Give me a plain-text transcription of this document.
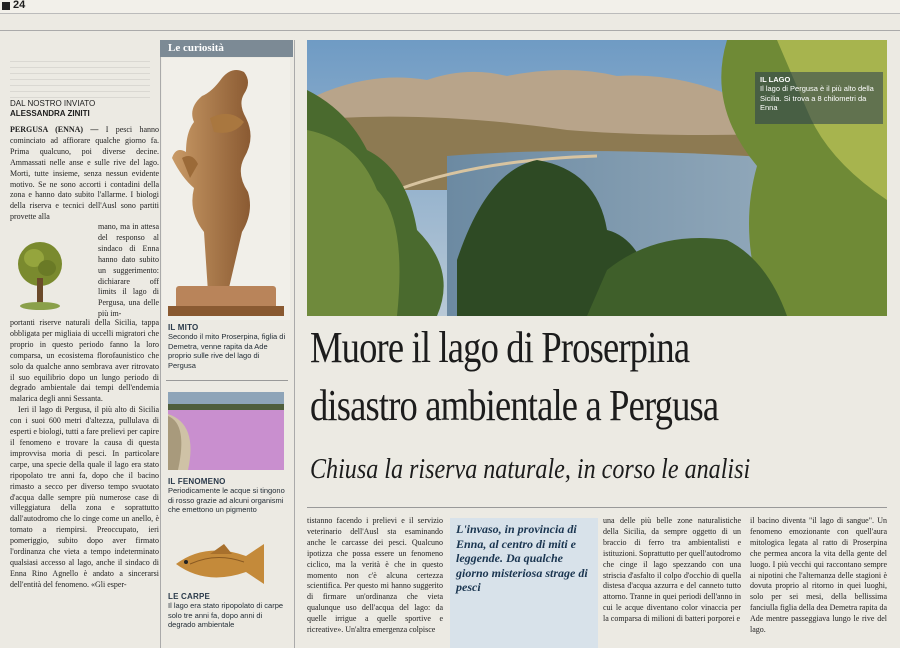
24
DAL NOSTRO INVIATO
ALESSANDRA ZINITI
PERGUSA (ENNA) — I pesci hanno cominciato ad affiorare qualche giorno fa. Prima qualcuno, poi diverse decine. Ammassati nelle anse e sulle rive del lago. Morti, tutte insieme, senza nessun evidente motivo. Se ne sono accorti i contadini della zona e hanno dato subito l'allarme. I biologi della riserva e tecnici dell'Ausl sono partiti provette alla
mano, ma in attesa del responso al sindaco di Enna hanno dato subito un suggerimento: dichiarare off limits il lago di Pergusa, una delle più im-

portanti riserve naturali della Sicilia, tappa obbligata per migliaia di uccelli migratori che proprio in questo periodo fanno la loro comparsa, un ecosistema florofaunistico che solo da qualche anno sembrava aver ritrovato il suo equilibrio dopo un lungo periodo di degrado ambientale dai tempi dell'endemia malarica degli anni Sessanta.

Ieri il lago di Pergusa, il più alto di Sicilia con i suoi 600 metri d'altezza, pullulava di esperti e biologi, tutti a fare prelievi per capire il fenomeno e trovare la causa di questa improvvisa moria di pesci. In particolare carpe, una specie della quale il lago era stato ripopolato tre anni fa, dopo che il bacino rimasto a secco per diverso tempo svuotato d'acqua dalle sempre più numerose case di villeggiatura della zona e soprattutto dall'autodromo che lo cinge come un anello, è tornato a riempirsi. Preoccupato, ieri pomeriggio, subito dopo aver firmato l'ordinanza che vieta a tempo indeterminato qualsiasi accesso al lago, anche il sindaco di Enna Rino Agnello è andato a sincerarsi dell'entità del fenomeno. «Gli esper-

Le curiosità
IL MITO
Secondo il mito Proserpina, figlia di Demetra, venne rapita da Ade proprio sulle rive del lago di Pergusa
IL FENOMENO
Periodicamente le acque si tingono di rosso grazie ad alcuni organismi che emettono un pigmento
LE CARPE
Il lago era stato ripopolato di carpe solo tre anni fa, dopo anni di degrado ambientale
IL LAGO
Il lago di Pergusa è il più alto della Sicilia. Si trova a 8 chilometri da Enna
Muore il lago di Proserpina
disastro ambientale a Pergusa
Chiusa la riserva naturale, in corso le analisi
tistanno facendo i prelievi e il servizio veterinario dell'Ausl sta esaminando anche le carcasse dei pesci. Qualcuno ipotizza che possa essere un fenomeno ciclico, ma la verità è che in questo momento non c'è alcuna certezza scientifica. Per questo mi hanno suggerito di firmare un'ordinanza che vieta qualunque uso dell'acqua del lago: da quelle irrigue a quelle sportive e ricreative». Un'altra emergenza colpisce
L'invaso, in provincia di Enna, al centro di miti e leggende. Da qualche giorno misteriosa strage di pesci
una delle più belle zone naturalistiche della Sicilia, da sempre oggetto di un braccio di ferro tra ambientalisti e istituzioni. Soprattutto per quell'autodromo che cinge il lago spezzando con una striscia d'asfalto il colpo d'occhio di quella distesa d'acqua azzurra e del canneto tutto attorno. Tranne in quei periodi dell'anno in cui le acque diventano color vinaccia per la comparsa di milioni di batteri porporei e
il bacino diventa "il lago di sangue". Un fenomeno emozionante con quell'aura mitologica legata al ratto di Proserpina che permea ancora la vita della gente del luogo. I più vecchi qui raccontano sempre ai nipotini che l'alternanza delle stagioni è dovuta proprio al ritorno in quei luoghi, solo per sei mesi, della bellissima fanciulla figlia della dea Demetra rapita da Ade mentre passeggiava lungo le rive del lago.
